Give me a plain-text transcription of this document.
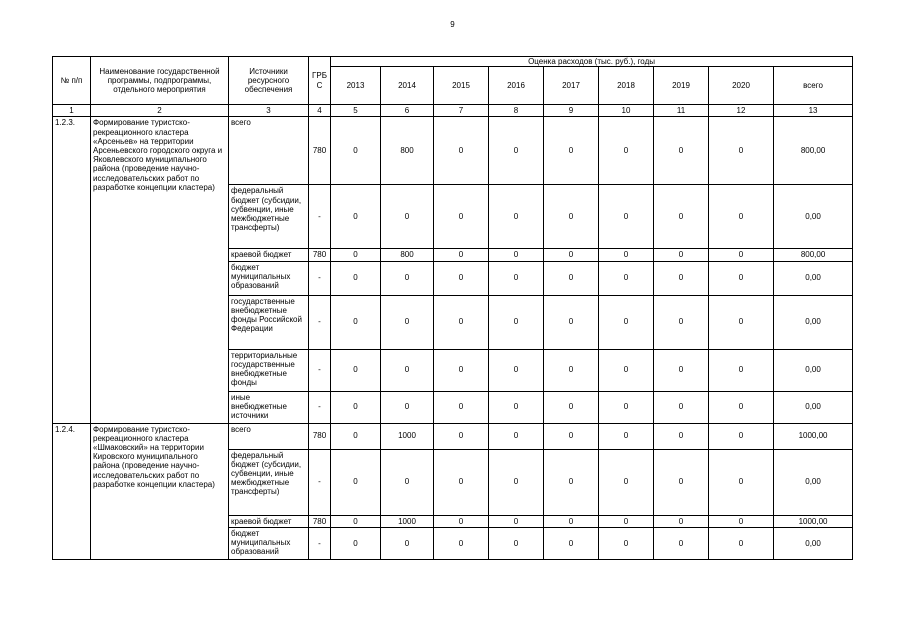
9
№ п/п	Наименование государственной программы, подпрограммы, отдельного мероприятия	Источники ресурсного обеспечения	ГРБ С	Оценка расходов (тыс. руб.), годы								
				2013	2014	2015	2016	2017	2018	2019	2020	всего
1	2	3	4	5	6	7	8	9	10	11	12	13
1.2.3.	Формирование туристско-рекреационного кластера «Арсеньев» на территории Арсеньевского городского округа и Яковлевского муниципального района (проведение научно-исследовательских работ по разработке концепции кластера)	всего	780	0	800	0	0	0	0	0	0	800,00
		федеральный бюджет (субсидии, субвенции, иные межбюджетные трансферты)	-	0	0	0	0	0	0	0	0	0,00
		краевой бюджет	780	0	800	0	0	0	0	0	0	800,00
		бюджет муниципальных образований	-	0	0	0	0	0	0	0	0	0,00
		государственные внебюджетные фонды Российской Федерации	-	0	0	0	0	0	0	0	0	0,00
		территориальные государственные внебюджетные фонды	-	0	0	0	0	0	0	0	0	0,00
		иные внебюджетные источники	-	0	0	0	0	0	0	0	0	0,00
1.2.4.	Формирование туристско-рекреационного кластера «Шмаковский» на территории Кировского муниципального района (проведение научно-исследовательских работ по разработке концепции кластера)	всего	780	0	1000	0	0	0	0	0	0	1000,00
		федеральный бюджет (субсидии, субвенции, иные межбюджетные трансферты)	-	0	0	0	0	0	0	0	0	0,00
		краевой бюджет	780	0	1000	0	0	0	0	0	0	1000,00
		бюджет муниципальных образований	-	0	0	0	0	0	0	0	0	0,00
